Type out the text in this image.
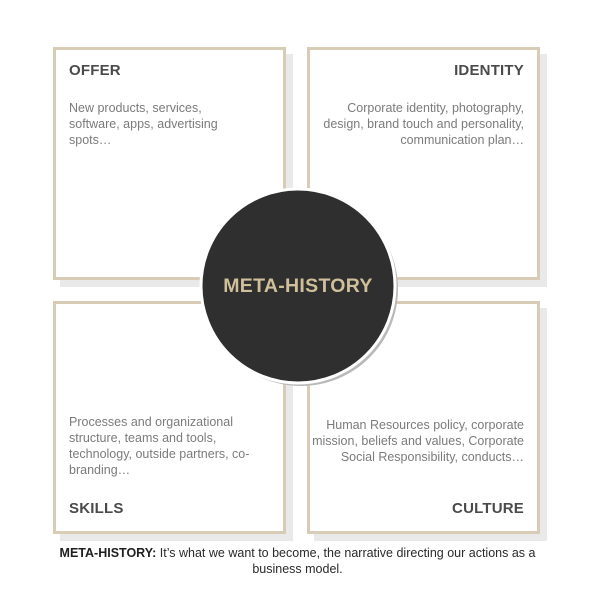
OFFER
New products, services, software, apps, advertising spots…
IDENTITY
Corporate identity, photography, design, brand touch and personality, communication plan…
Processes and organizational structure, teams and tools, technology, outside partners, co-branding…
SKILLS
Human Resources policy, corporate mission, beliefs and values, Corporate Social Responsibility, conducts…
CULTURE
META-HISTORY
META-HISTORY: It’s what we want to become, the narrative directing our actions as a business model.
